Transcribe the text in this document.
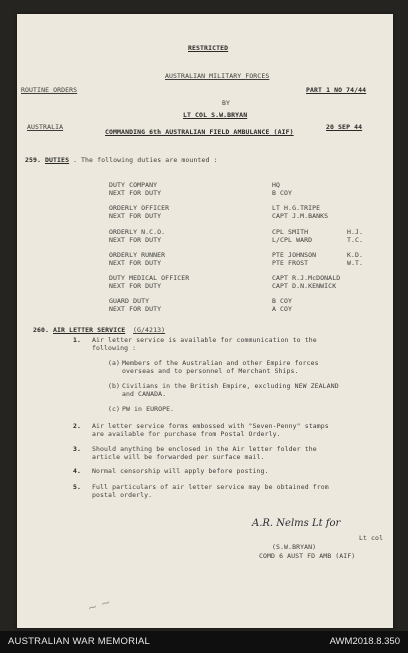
RESTRICTED
AUSTRALIAN MILITARY FORCES
ROUTINE ORDERS	PART 1 NO 74/44
BY
LT COL S.W.BRYAN
AUSTRALIA
COMMANDING 6th AUSTRALIAN FIELD AMBULANCE (AIF)
20 SEP 44
259. DUTIES . The following duties are mounted :
DUTY COMPANY
NEXT FOR DUTY
HQ
B COY
ORDERLY OFFICER
NEXT FOR DUTY
LT H.G.TRIPE
CAPT J.M.BANKS
ORDERLY N.C.O.
NEXT FOR DUTY
CPL SMITH
L/CPL WARD
H.J.
T.C.
ORDERLY RUNNER
NEXT FOR DUTY
PTE JOHNSON
PTE FROST
K.D.
W.T.
DUTY MEDICAL OFFICER
NEXT FOR DUTY
CAPT R.J.McDONALD
CAPT D.N.KENWICK
GUARD DUTY
NEXT FOR DUTY
B COY
A COY
260. AIR LETTER SERVICE (G/4213)
1. Air letter service is available for communication to the
following :
(a) Members of the Australian and other Empire forces
overseas and to personnel of Merchant Ships.
(b) Civilians in the British Empire, excluding NEW ZEALAND
and CANADA.
(c) PW in EUROPE.
2. Air letter service forms embossed with "Seven-Penny" stamps
are available for purchase from Postal Orderly.
3. Should anything be enclosed in the Air letter folder the
article will be forwarded per surface mail.
4. Normal censorship will apply before posting.
5. Full particulars of air letter service may be obtained from
postal orderly.
A.R. Nelms Lt for
Lt col
(S.W.BRYAN)
COMD 6 AUST FD AMB (AIF)
~ ~
AUSTRALIAN WAR MEMORIAL	AWM2018.8.350
